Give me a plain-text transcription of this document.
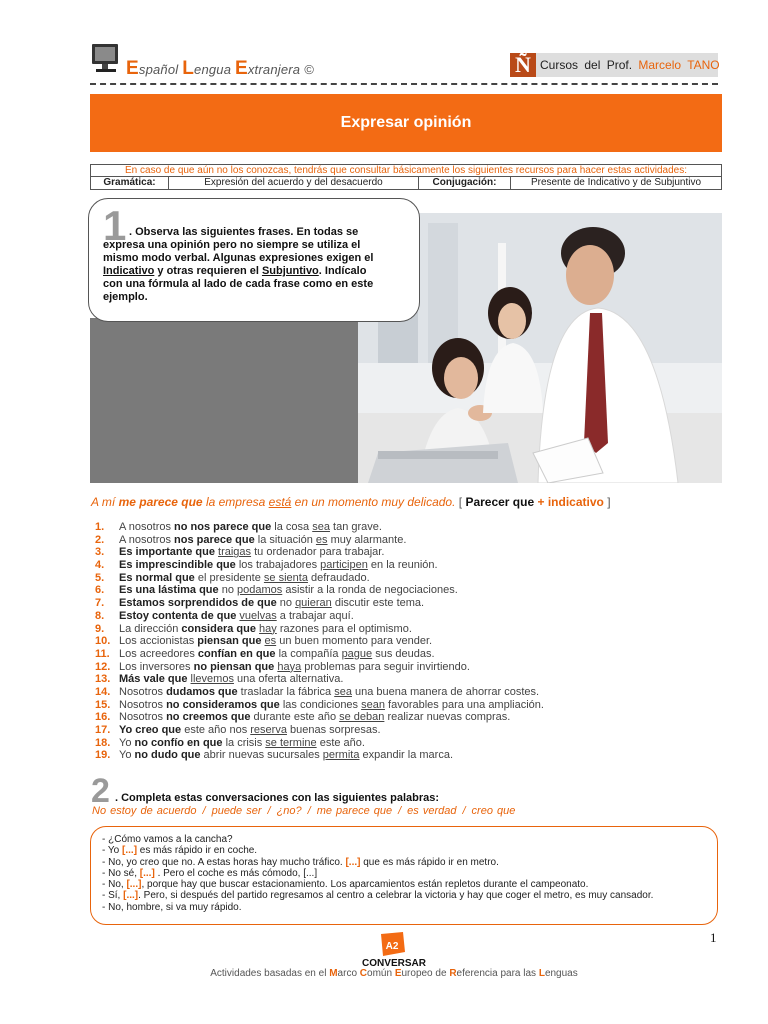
Español Lengua Extranjera ©	Ñ Cursos del Prof. Marcelo TANO
Expresar opinión
En caso de que aún no los conozcas, tendrás que consultar básicamente los siguientes recursos para hacer estas actividades:
Gramática:	Expresión del acuerdo y del desacuerdo	Conjugación:	Presente de Indicativo y de Subjuntivo
1 . Observa las siguientes frases. En todas se
expresa una opinión pero no siempre se utiliza el
mismo modo verbal. Algunas expresiones exigen el
Indicativo y otras requieren el Subjuntivo. Indícalo
con una fórmula al lado de cada frase como en este
ejemplo.
A mí me parece que la empresa está en un momento muy delicado. [ Parecer que + indicativo ]
1. A nosotros no nos parece que la cosa sea tan grave.
2. A nosotros nos parece que la situación es muy alarmante.
3. Es importante que traigas tu ordenador para trabajar.
4. Es imprescindible que los trabajadores participen en la reunión.
5. Es normal que el presidente se sienta defraudado.
6. Es una lástima que no podamos asistir a la ronda de negociaciones.
7. Estamos sorprendidos de que no quieran discutir este tema.
8. Estoy contenta de que vuelvas a trabajar aquí.
9. La dirección considera que hay razones para el optimismo.
10. Los accionistas piensan que es un buen momento para vender.
11. Los acreedores confían en que la compañía pague sus deudas.
12. Los inversores no piensan que haya problemas para seguir invirtiendo.
13. Más vale que llevemos una oferta alternativa.
14. Nosotros dudamos que trasladar la fábrica sea una buena manera de ahorrar costes.
15. Nosotros no consideramos que las condiciones sean favorables para una ampliación.
16. Nosotros no creemos que durante este año se deban realizar nuevas compras.
17. Yo creo que este año nos reserva buenas sorpresas.
18. Yo no confío en que la crisis se termine este año.
19. Yo no dudo que abrir nuevas sucursales permita expandir la marca.
2 . Completa estas conversaciones con las siguientes palabras:
No estoy de acuerdo / puede ser / ¿no? / me parece que / es verdad / creo que
- ¿Cómo vamos a la cancha?
- Yo [...] es más rápido ir en coche.
- No, yo creo que no. A estas horas hay mucho tráfico. [...] que es más rápido ir en metro.
- No sé, [...] . Pero el coche es más cómodo, [...]
- No, [...], porque hay que buscar estacionamiento. Los aparcamientos están repletos durante el campeonato.
- Sí, [...]. Pero, si después del partido regresamos al centro a celebrar la victoria y hay que coger el metro, es muy cansador.
- No, hombre, si va muy rápido.
1
A2
CONVERSAR
Actividades basadas en el Marco Común Europeo de Referencia para las Lenguas
